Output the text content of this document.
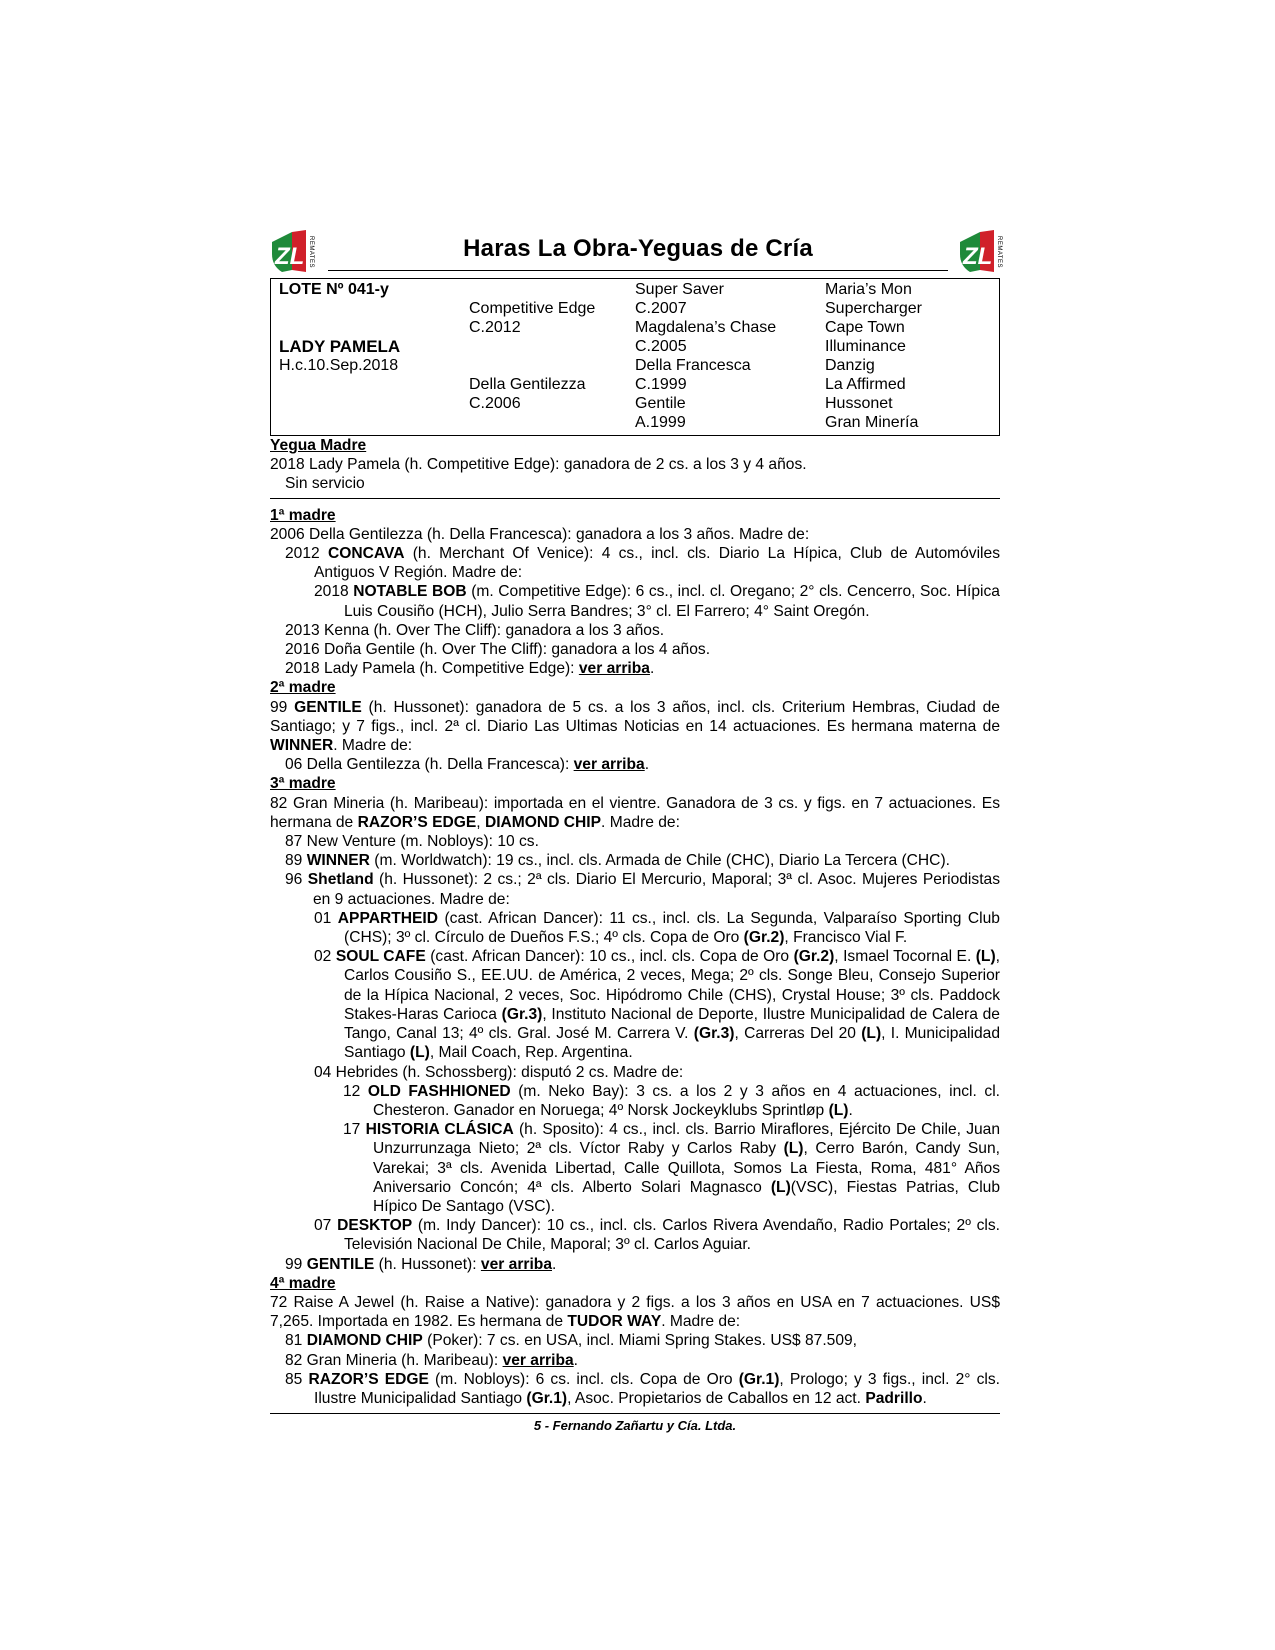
ZL REMATES	Haras La Obra-Yeguas de Cría	ZL REMATES
LOTE Nº 041-y
LADY PAMELA
H.c.10.Sep.2018
Competitive Edge
C.2012
Della Gentilezza
C.2006
Super Saver
C.2007
Magdalena’s Chase
C.2005
Della Francesca
C.1999
Gentile
A.1999
Maria’s Mon
Supercharger
Cape Town
Illuminance
Danzig
La Affirmed
Hussonet
Gran Minería

Yegua Madre

2018 Lady Pamela (h. Competitive Edge): ganadora de 2 cs. a los 3 y 4 años.

Sin servicio

1ª madre

2006 Della Gentilezza (h. Della Francesca): ganadora a los 3 años. Madre de:

2012 CONCAVA (h. Merchant Of Venice): 4 cs., incl. cls. Diario La Hípica, Club de Automóviles Antiguos V Región. Madre de:

2018 NOTABLE BOB (m. Competitive Edge): 6 cs., incl. cl. Oregano; 2° cls. Cencerro, Soc. Hípica Luis Cousiño (HCH), Julio Serra Bandres; 3° cl. El Farrero; 4° Saint Oregón.

2013 Kenna (h. Over The Cliff): ganadora a los 3 años.

2016 Doña Gentile (h. Over The Cliff): ganadora a los 4 años.

2018 Lady Pamela (h. Competitive Edge): ver arriba.

2ª madre

99 GENTILE (h. Hussonet): ganadora de 5 cs. a los 3 años, incl. cls. Criterium Hembras, Ciudad de Santiago; y 7 figs., incl. 2ª cl. Diario Las Ultimas Noticias en 14 actuaciones. Es hermana materna de WINNER. Madre de:

06 Della Gentilezza (h. Della Francesca): ver arriba.

3ª madre

82 Gran Mineria (h. Maribeau): importada en el vientre. Ganadora de 3 cs. y figs. en 7 actuaciones. Es hermana de RAZOR’S EDGE, DIAMOND CHIP. Madre de:

87 New Venture (m. Nobloys): 10 cs.

89 WINNER (m. Worldwatch): 19 cs., incl. cls. Armada de Chile (CHC), Diario La Tercera (CHC).

96 Shetland (h. Hussonet): 2 cs.; 2ª cls. Diario El Mercurio, Maporal; 3ª cl. Asoc. Mujeres Periodistas en 9 actuaciones. Madre de:

01 APPARTHEID (cast. African Dancer): 11 cs., incl. cls. La Segunda, Valparaíso Sporting Club (CHS); 3º cl. Círculo de Dueños F.S.; 4º cls. Copa de Oro (Gr.2), Francisco Vial F.

02 SOUL CAFE (cast. African Dancer): 10 cs., incl. cls. Copa de Oro (Gr.2), Ismael Tocornal E. (L), Carlos Cousiño S., EE.UU. de América, 2 veces, Mega; 2º cls. Songe Bleu, Consejo Superior de la Hípica Nacional, 2 veces, Soc. Hipódromo Chile (CHS), Crystal House; 3º cls. Paddock Stakes-Haras Carioca (Gr.3), Instituto Nacional de Deporte, Ilustre Municipalidad de Calera de Tango, Canal 13; 4º cls. Gral. José M. Carrera V. (Gr.3), Carreras Del 20 (L), I. Municipalidad Santiago (L), Mail Coach, Rep. Argentina.

04 Hebrides (h. Schossberg): disputó 2 cs. Madre de:

12 OLD FASHHIONED (m. Neko Bay): 3 cs. a los 2 y 3 años en 4 actuaciones, incl. cl. Chesteron. Ganador en Noruega; 4º Norsk Jockeyklubs Sprintløp (L).

17 HISTORIA CLÁSICA (h. Sposito): 4 cs., incl. cls. Barrio Miraflores, Ejército De Chile, Juan Unzurrunzaga Nieto; 2ª cls. Víctor Raby y Carlos Raby (L), Cerro Barón, Candy Sun, Varekai; 3ª cls. Avenida Libertad, Calle Quillota, Somos La Fiesta, Roma, 481° Años Aniversario Concón; 4ª cls. Alberto Solari Magnasco (L)(VSC), Fiestas Patrias, Club Hípico De Santago (VSC).

07 DESKTOP (m. Indy Dancer): 10 cs., incl. cls. Carlos Rivera Avendaño, Radio Portales; 2º cls. Televisión Nacional De Chile, Maporal; 3º cl. Carlos Aguiar.

99 GENTILE (h. Hussonet): ver arriba.

4ª madre

72 Raise A Jewel (h. Raise a Native): ganadora y 2 figs. a los 3 años en USA en 7 actuaciones. US$ 7,265. Importada en 1982. Es hermana de TUDOR WAY. Madre de:

81 DIAMOND CHIP (Poker): 7 cs. en USA, incl. Miami Spring Stakes. US$ 87.509,

82 Gran Mineria (h. Maribeau): ver arriba.

85 RAZOR’S EDGE (m. Nobloys): 6 cs. incl. cls. Copa de Oro (Gr.1), Prologo; y 3 figs., incl. 2° cls. Ilustre Municipalidad Santiago (Gr.1), Asoc. Propietarios de Caballos en 12 act. Padrillo.

5 - Fernando Zañartu y Cía. Ltda.
